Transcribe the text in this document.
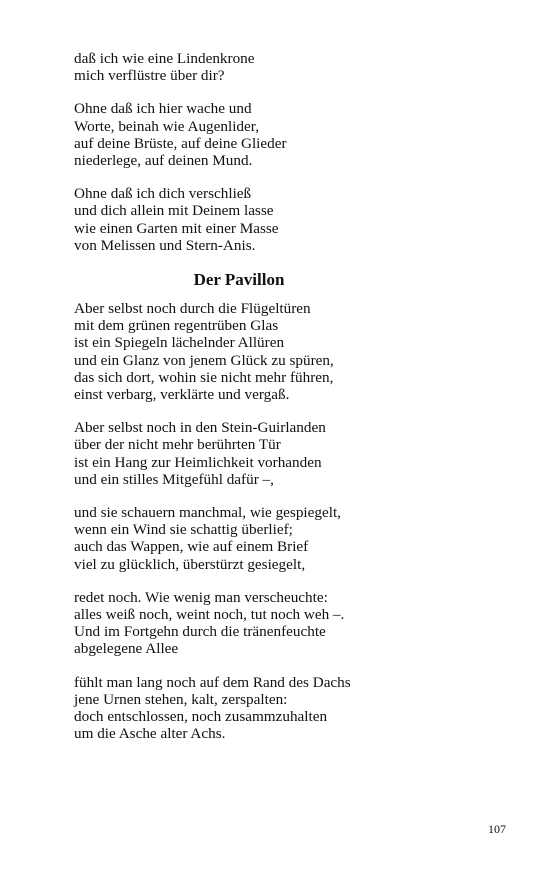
daß ich wie eine Lindenkrone
mich verflüstre über dir?
Ohne daß ich hier wache und
Worte, beinah wie Augenlider,
auf deine Brüste, auf deine Glieder
niederlege, auf deinen Mund.
Ohne daß ich dich verschließ
und dich allein mit Deinem lasse
wie einen Garten mit einer Masse
von Melissen und Stern-Anis.
Der Pavillon
Aber selbst noch durch die Flügeltüren
mit dem grünen regentrüben Glas
ist ein Spiegeln lächelnder Allüren
und ein Glanz von jenem Glück zu spüren,
das sich dort, wohin sie nicht mehr führen,
einst verbarg, verklärte und vergaß.
Aber selbst noch in den Stein-Guirlanden
über der nicht mehr berührten Tür
ist ein Hang zur Heimlichkeit vorhanden
und ein stilles Mitgefühl dafür –,
und sie schauern manchmal, wie gespiegelt,
wenn ein Wind sie schattig überlief;
auch das Wappen, wie auf einem Brief
viel zu glücklich, überstürzt gesiegelt,
redet noch. Wie wenig man verscheuchte:
alles weiß noch, weint noch, tut noch weh –.
Und im Fortgehn durch die tränenfeuchte
abgelegene Allee
fühlt man lang noch auf dem Rand des Dachs
jene Urnen stehen, kalt, zerspalten:
doch entschlossen, noch zusammzuhalten
um die Asche alter Achs.
107
